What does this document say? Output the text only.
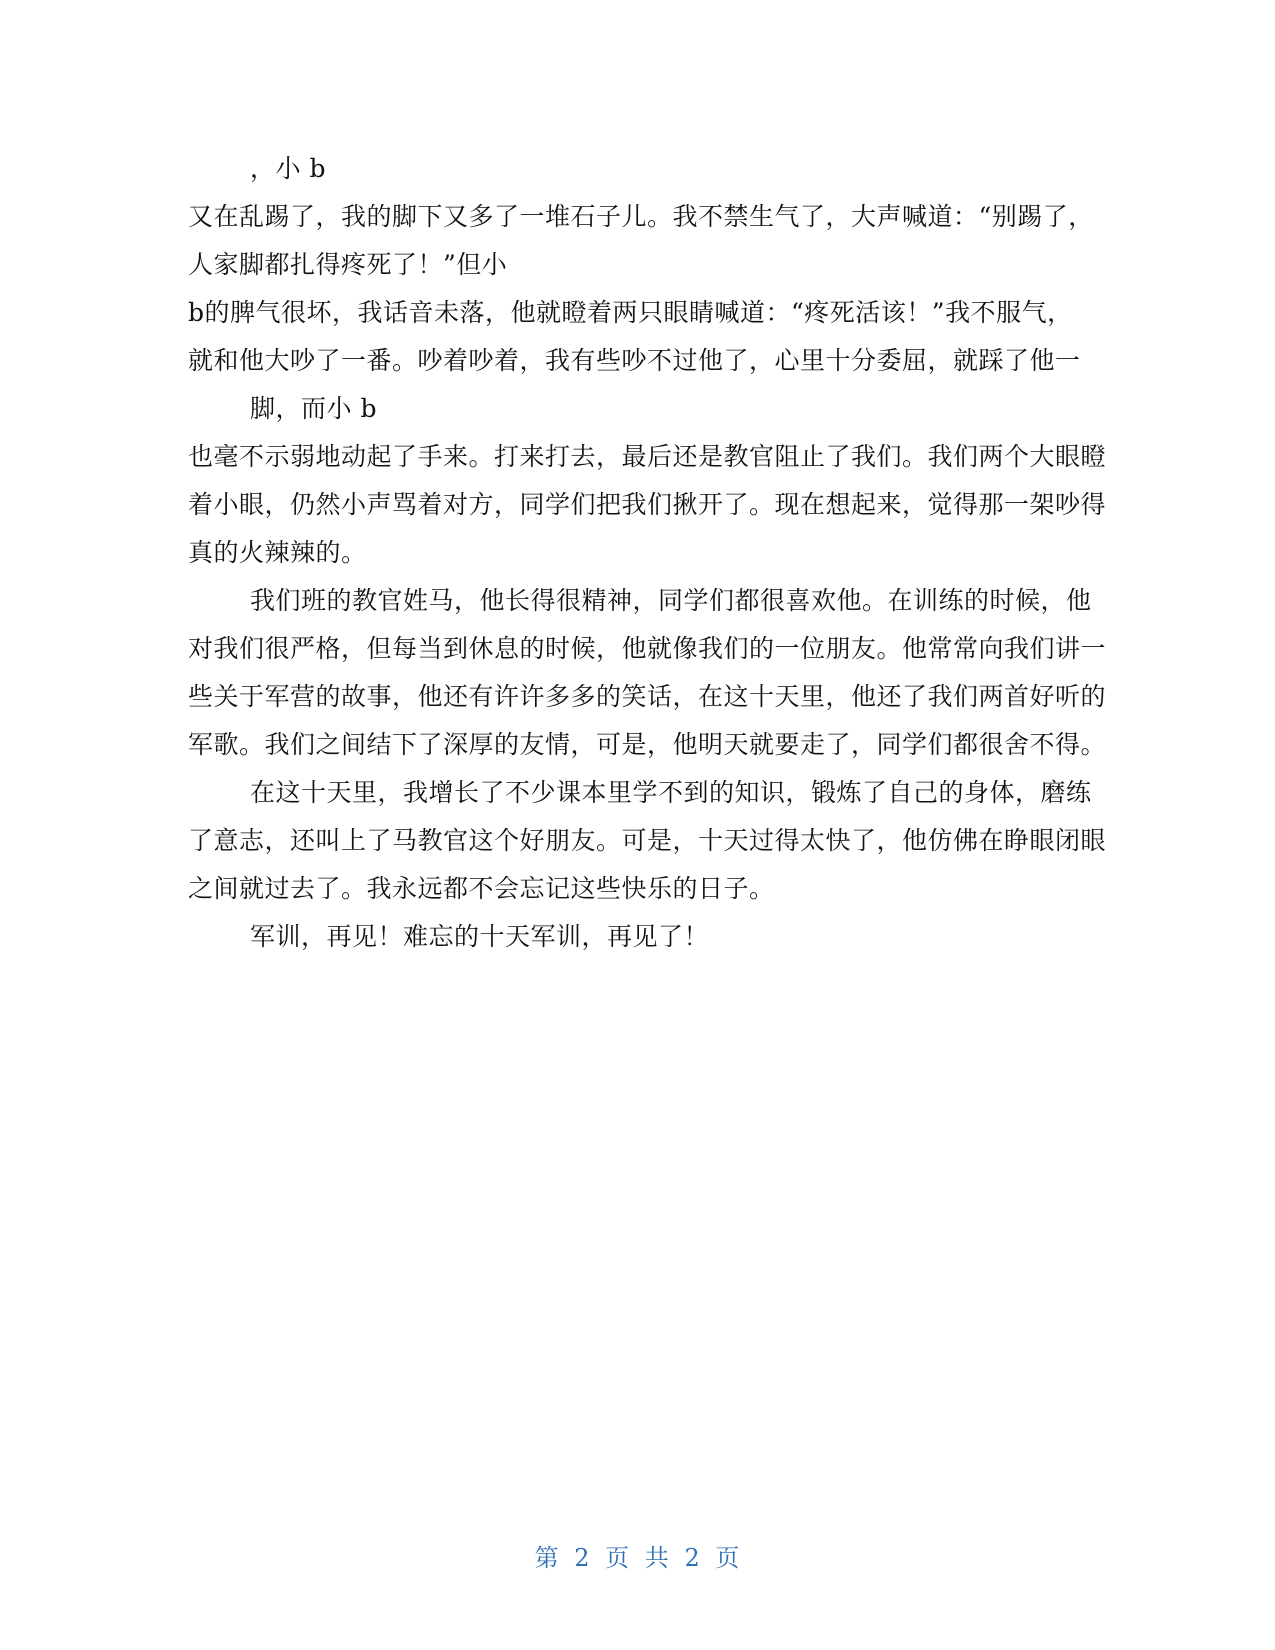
，小 b
又在乱踢了，我的脚下又多了一堆石子儿。我不禁生气了，大声喊道：“别踢了，
人家脚都扎得疼死了！”但小
b的脾气很坏，我话音未落，他就瞪着两只眼睛喊道：“疼死活该！”我不服气，
就和他大吵了一番。吵着吵着，我有些吵不过他了，心里十分委屈，就踩了他一
脚，而小 b
也毫不示弱地动起了手来。打来打去，最后还是教官阻止了我们。我们两个大眼瞪
着小眼，仍然小声骂着对方，同学们把我们揪开了。现在想起来，觉得那一架吵得
真的火辣辣的。
我们班的教官姓马，他长得很精神，同学们都很喜欢他。在训练的时候，他
对我们很严格，但每当到休息的时候，他就像我们的一位朋友。他常常向我们讲一
些关于军营的故事，他还有许许多多的笑话，在这十天里，他还了我们两首好听的
军歌。我们之间结下了深厚的友情，可是，他明天就要走了，同学们都很舍不得。
在这十天里，我增长了不少课本里学不到的知识，锻炼了自己的身体，磨练
了意志，还叫上了马教官这个好朋友。可是，十天过得太快了，他仿佛在睁眼闭眼
之间就过去了。我永远都不会忘记这些快乐的日子。
军训，再见！难忘的十天军训，再见了！
第 2 页 共 2 页
